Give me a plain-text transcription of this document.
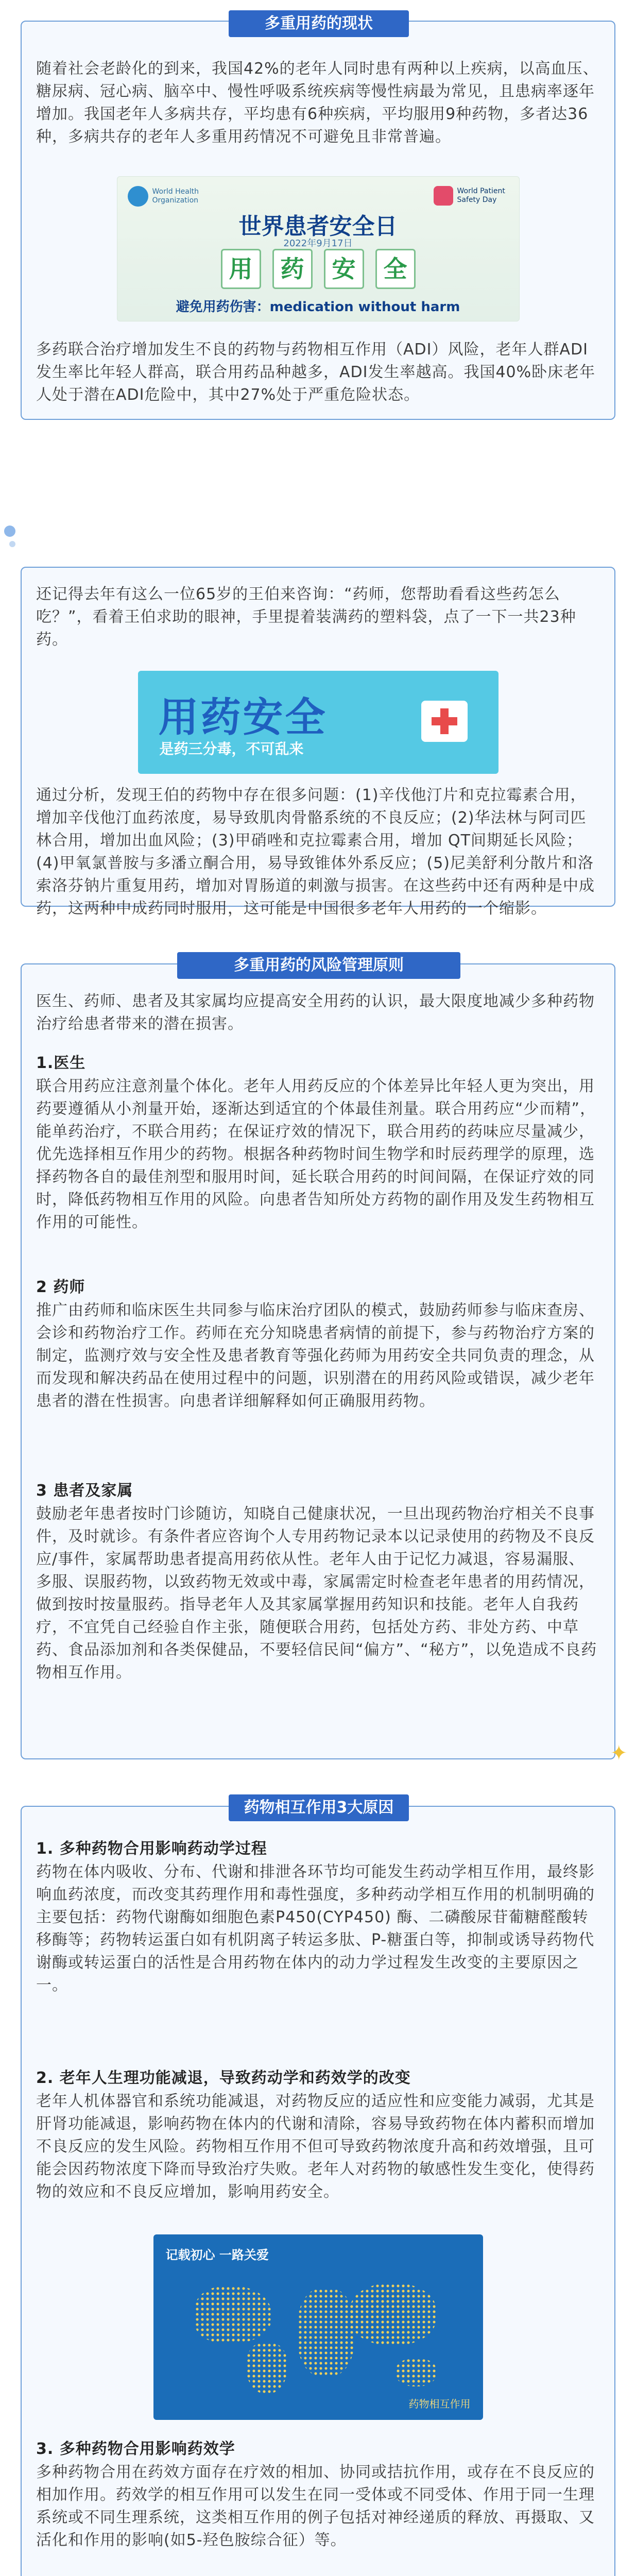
多重用药的现状
随着社会老龄化的到来，我国42%的老年人同时患有两种以上疾病，以高血压、糖尿病、冠心病、脑卒中、慢性呼吸系统疾病等慢性病最为常见，且患病率逐年增加。我国老年人多病共存，平均患有6种疾病，平均服用9种药物，多者达36种，多病共存的老年人多重用药情况不可避免且非常普遍。
World Health Organization
World Patient Safety Day
世界患者安全日
2022年9月17日
用	药	安	全
避免用药伤害：medication without harm
多药联合治疗增加发生不良的药物与药物相互作用（ADI）风险，老年人群ADI发生率比年轻人群高，联合用药品种越多，ADI发生率越高。我国40%卧床老年人处于潜在ADI危险中，其中27%处于严重危险状态。
还记得去年有这么一位65岁的王伯来咨询：“药师，您帮助看看这些药怎么吃？”，看着王伯求助的眼神，手里提着装满药的塑料袋，点了一下一共23种药。
用药安全
是药三分毒，不可乱来
通过分析，发现王伯的药物中存在很多问题：(1)辛伐他汀片和克拉霉素合用，增加辛伐他汀血药浓度，易导致肌肉骨骼系统的不良反应；(2)华法林与阿司匹林合用，增加出血风险；(3)甲硝唑和克拉霉素合用，增加 QT间期延长风险；(4)甲氧氯普胺与多潘立酮合用，易导致锥体外系反应；(5)尼美舒利分散片和洛索洛芬钠片重复用药，增加对胃肠道的刺激与损害。在这些药中还有两种是中成药，这两种中成药同时服用，这可能是中国很多老年人用药的一个缩影。
多重用药的风险管理原则
医生、药师、患者及其家属均应提高安全用药的认识，最大限度地减少多种药物治疗给患者带来的潜在损害。
1.医生
联合用药应注意剂量个体化。老年人用药反应的个体差异比年轻人更为突出，用药要遵循从小剂量开始，逐渐达到适宜的个体最佳剂量。联合用药应“少而精”，能单药治疗，不联合用药；在保证疗效的情况下，联合用药的药味应尽量减少，优先选择相互作用少的药物。根据各种药物时间生物学和时辰药理学的原理，选择药物各自的最佳剂型和服用时间，延长联合用药的时间间隔，在保证疗效的同时，降低药物相互作用的风险。向患者告知所处方药物的副作用及发生药物相互作用的可能性。
2 药师
推广由药师和临床医生共同参与临床治疗团队的模式，鼓励药师参与临床查房、会诊和药物治疗工作。药师在充分知晓患者病情的前提下，参与药物治疗方案的制定，监测疗效与安全性及患者教育等强化药师为用药安全共同负责的理念，从而发现和解决药品在使用过程中的问题，识别潜在的用药风险或错误，减少老年患者的潜在性损害。向患者详细解释如何正确服用药物。
3 患者及家属
鼓励老年患者按时门诊随访，知晓自己健康状况，一旦出现药物治疗相关不良事件，及时就诊。有条件者应咨询个人专用药物记录本以记录使用的药物及不良反应/事件，家属帮助患者提高用药依从性。老年人由于记忆力减退，容易漏服、多服、误服药物，以致药物无效或中毒，家属需定时检查老年患者的用药情况，做到按时按量服药。指导老年人及其家属掌握用药知识和技能。老年人自我药疗，不宜凭自己经验自作主张，随便联合用药，包括处方药、非处方药、中草药、食品添加剂和各类保健品，不要轻信民间“偏方”、“秘方”，以免造成不良药物相互作用。
✦
药物相互作用3大原因
1. 多种药物合用影响药动学过程
药物在体内吸收、分布、代谢和排泄各环节均可能发生药动学相互作用，最终影响血药浓度，而改变其药理作用和毒性强度，多种药动学相互作用的机制明确的主要包括：药物代谢酶如细胞色素P450(CYP450) 酶、二磷酸尿苷葡糖醛酸转移酶等；药物转运蛋白如有机阴离子转运多肽、P-糖蛋白等，抑制或诱导药物代谢酶或转运蛋白的活性是合用药物在体内的动力学过程发生改变的主要原因之一。
2. 老年人生理功能减退，导致药动学和药效学的改变
老年人机体器官和系统功能减退，对药物反应的适应性和应变能力减弱，尤其是肝肾功能减退，影响药物在体内的代谢和清除，容易导致药物在体内蓄积而增加不良反应的发生风险。药物相互作用不但可导致药物浓度升高和药效增强，且可能会因药物浓度下降而导致治疗失败。老年人对药物的敏感性发生变化，使得药物的效应和不良反应增加，影响用药安全。
记载初心 一路关爱
药物相互作用
3. 多种药物合用影响药效学
多种药物合用在药效方面存在疗效的相加、协同或拮抗作用，或存在不良反应的相加作用。药效学的相互作用可以发生在同一受体或不同受体、作用于同一生理系统或不同生理系统，这类相互作用的例子包括对神经递质的释放、再摄取、又活化和作用的影响(如5-羟色胺综合征）等。
